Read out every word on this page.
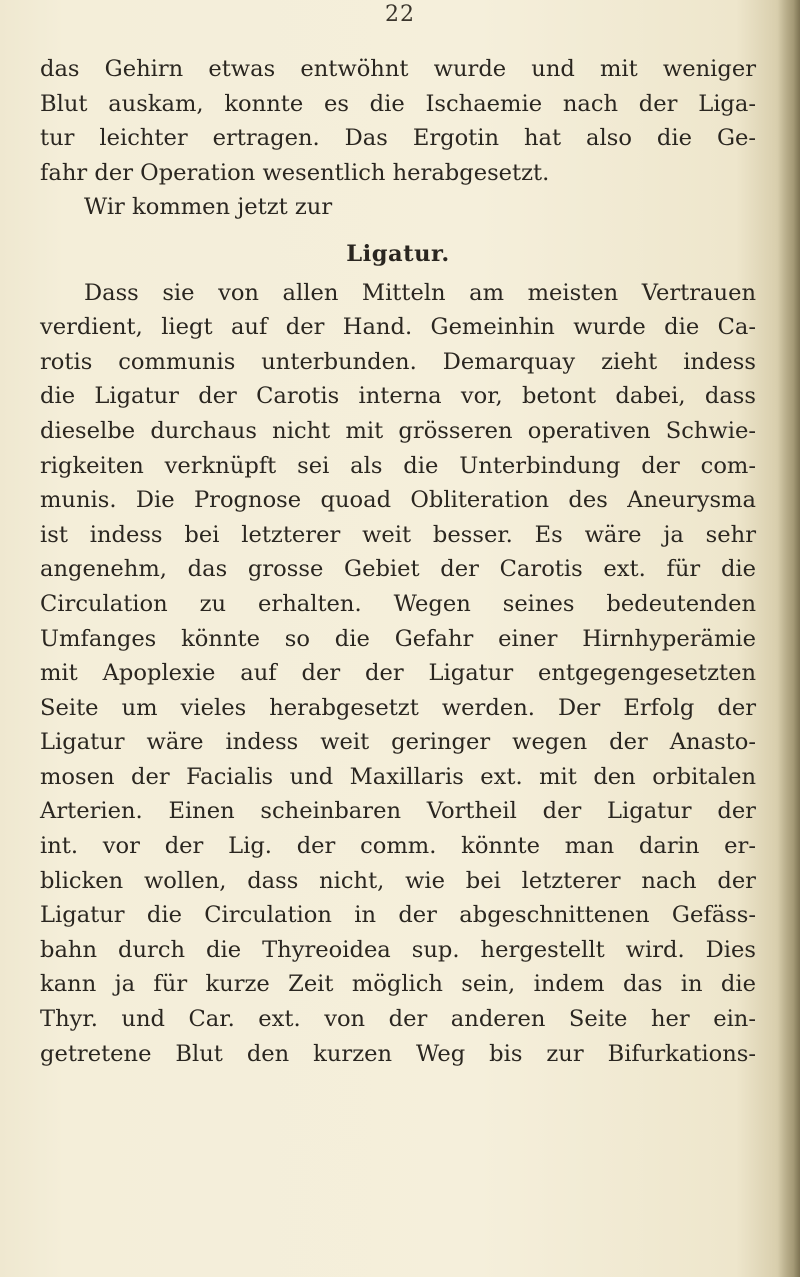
22
das Gehirn etwas entwöhnt wurde und mit weniger
Blut auskam, konnte es die Ischaemie nach der Liga-
tur leichter ertragen. Das Ergotin hat also die Ge-
fahr der Operation wesentlich herabgesetzt.
Wir kommen jetzt zur
Ligatur.
Dass sie von allen Mitteln am meisten Vertrauen
verdient, liegt auf der Hand. Gemeinhin wurde die Ca-
rotis communis unterbunden. Demarquay zieht indess
die Ligatur der Carotis interna vor, betont dabei, dass
dieselbe durchaus nicht mit grösseren operativen Schwie-
rigkeiten verknüpft sei als die Unterbindung der com-
munis. Die Prognose quoad Obliteration des Aneurysma
ist indess bei letzterer weit besser. Es wäre ja sehr
angenehm, das grosse Gebiet der Carotis ext. für die
Circulation zu erhalten. Wegen seines bedeutenden
Umfanges könnte so die Gefahr einer Hirnhyperämie
mit Apoplexie auf der der Ligatur entgegengesetzten
Seite um vieles herabgesetzt werden. Der Erfolg der
Ligatur wäre indess weit geringer wegen der Anasto-
mosen der Facialis und Maxillaris ext. mit den orbitalen
Arterien. Einen scheinbaren Vortheil der Ligatur der
int. vor der Lig. der comm. könnte man darin er-
blicken wollen, dass nicht, wie bei letzterer nach der
Ligatur die Circulation in der abgeschnittenen Gefäss-
bahn durch die Thyreoidea sup. hergestellt wird. Dies
kann ja für kurze Zeit möglich sein, indem das in die
Thyr. und Car. ext. von der anderen Seite her ein-
getretene Blut den kurzen Weg bis zur Bifurkations-
